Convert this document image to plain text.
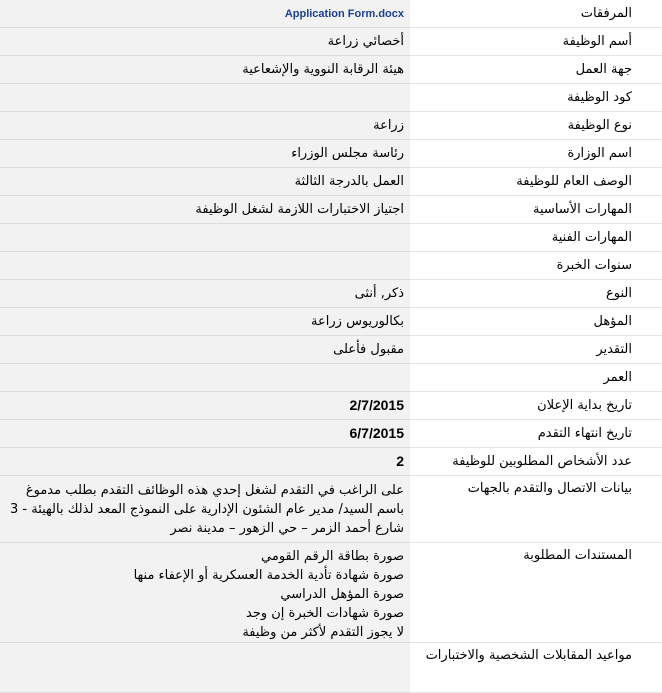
المرفقات	Application Form.docx
أسم الوظيفة	أخصائي زراعة
جهة العمل	هيئة الرقابة النووية والإشعاعية
كود الوظيفة	
نوع الوظيفة	زراعة
اسم الوزارة	رئاسة مجلس الوزراء
الوصف العام للوظيفة	العمل بالدرجة الثالثة
المهارات الأساسية	اجتياز الاختبارات اللازمة لشغل الوظيفة
المهارات الفنية	
سنوات الخبرة	
النوع	ذكر, أنثى
المؤهل	بكالوريوس زراعة
التقدير	مقبول فأعلى
العمر	
تاريخ بداية الإعلان	2/7/2015
تاريخ انتهاء التقدم	6/7/2015
عدد الأشخاص المطلوبين للوظيفة	2
بيانات الاتصال والتقدم بالجهات	على الراغب في التقدم لشغل إحدي هذه الوظائف التقدم بطلب مدموغ باسم السيد/ مدير عام الشئون الإدارية على النموذج المعد لذلك بالهيئة - 3 شارع أحمد الزمر – حي الزهور – مدينة نصر
المستندات المطلوبة	صورة بطاقة الرقم القومي
صورة شهادة تأدية الخدمة العسكرية أو الإعفاء منها
صورة المؤهل الدراسي
صورة شهادات الخبرة إن وجد
لا يجوز التقدم لأكثر من وظيفة

مواعيد المقابلات الشخصية والاختبارات	
